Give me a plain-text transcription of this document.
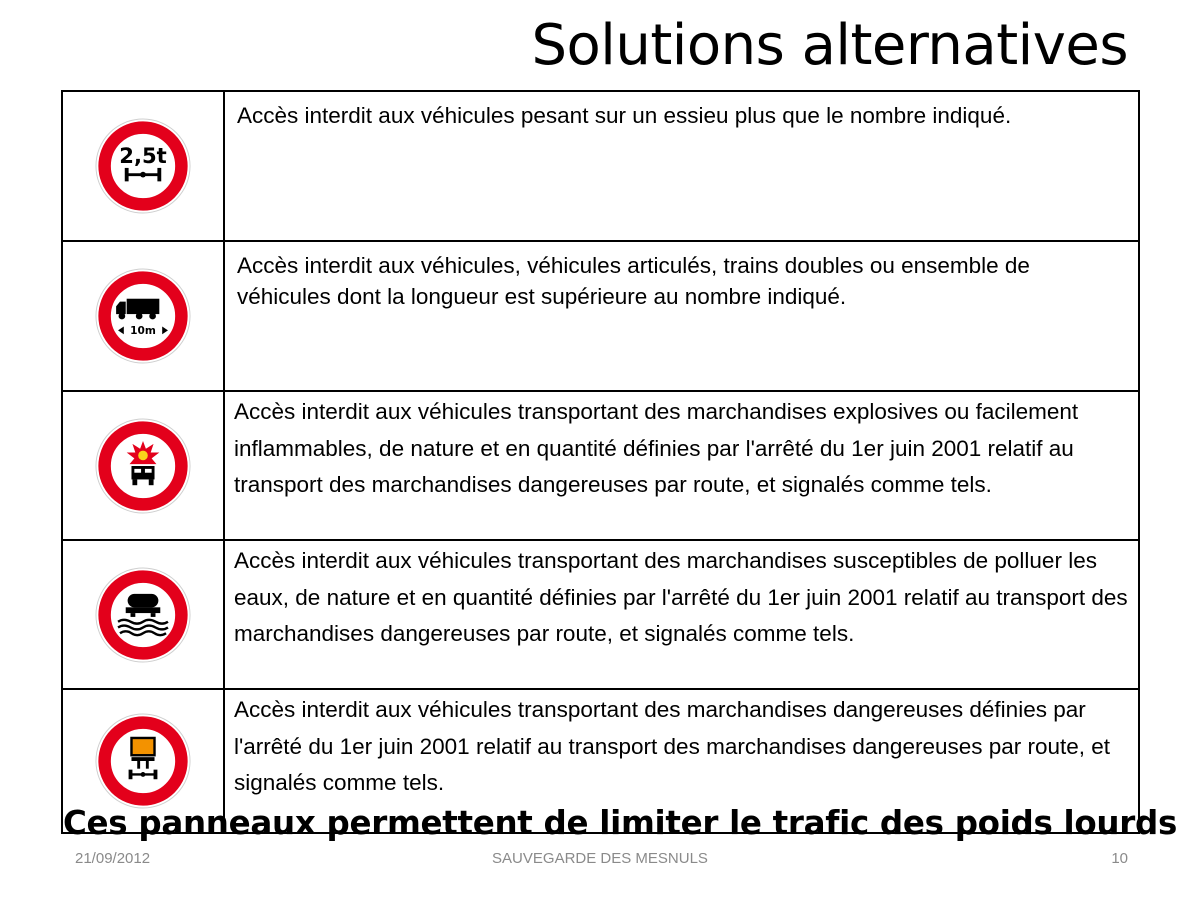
Solutions alternatives
2,5t	Accès interdit aux véhicules pesant sur un essieu plus que le nombre indiqué.

10m	Accès interdit aux véhicules, véhicules articulés, trains doubles ou ensemble de véhicules dont la longueur est supérieure au nombre indiqué.

	Accès interdit aux véhicules transportant des marchandises explosives ou facilement inflammables, de nature et en quantité définies par l'arrêté du 1er juin 2001 relatif au transport des marchandises dangereuses par route, et signalés comme tels.

	Accès interdit aux véhicules transportant des marchandises susceptibles de polluer les eaux, de nature et en quantité définies par l'arrêté du 1er juin 2001 relatif au transport des marchandises dangereuses par route, et signalés comme tels.

	Accès interdit aux véhicules transportant des marchandises dangereuses définies par l'arrêté du 1er juin 2001 relatif au transport des marchandises dangereuses par route, et signalés comme tels.
Ces panneaux permettent de limiter le trafic des poids lourds
21/09/2012	SAUVEGARDE DES MESNULS	10
